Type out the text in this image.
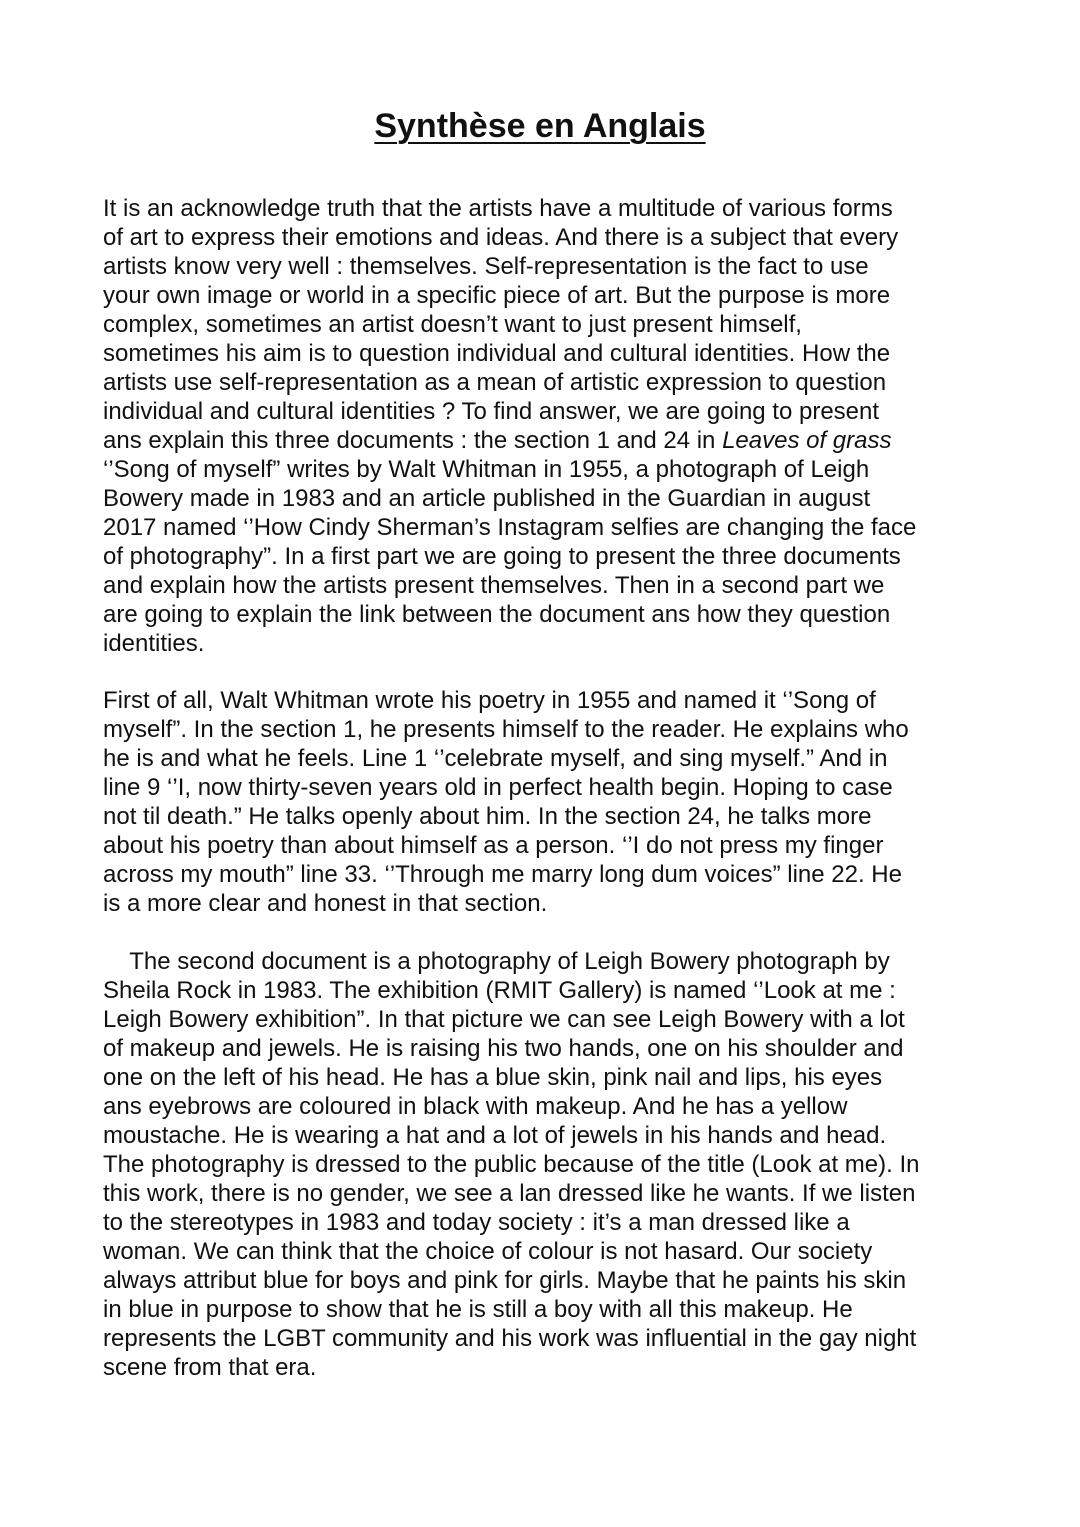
Synthèse en Anglais
It is an acknowledge truth that the artists have a multitude of various forms
of art to express their emotions and ideas. And there is a subject that every
artists know very well : themselves. Self-representation is the fact to use
your own image or world in a specific piece of art. But the purpose is more
complex, sometimes an artist doesn’t want to just present himself,
sometimes his aim is to question individual and cultural identities. How the
artists use self-representation as a mean of artistic expression to question
individual and cultural identities ? To find answer, we are going to present
ans explain this three documents : the section 1 and 24 in Leaves of grass
‘’Song of myself” writes by Walt Whitman in 1955, a photograph of Leigh
Bowery made in 1983 and an article published in the Guardian in august
2017 named ‘’How Cindy Sherman’s Instagram selfies are changing the face
of photography”. In a first part we are going to present the three documents
and explain how the artists present themselves. Then in a second part we
are going to explain the link between the document ans how they question
identities.
First of all, Walt Whitman wrote his poetry in 1955 and named it ‘’Song of
myself”. In the section 1, he presents himself to the reader. He explains who
he is and what he feels. Line 1 ‘’celebrate myself, and sing myself.” And in
line 9 ‘’I, now thirty-seven years old in perfect health begin. Hoping to case
not til death.” He talks openly about him. In the section 24, he talks more
about his poetry than about himself as a person. ‘’I do not press my finger
across my mouth” line 33. ‘’Through me marry long dum voices” line 22. He
is a more clear and honest in that section.
The second document is a photography of Leigh Bowery photograph by
Sheila Rock in 1983. The exhibition (RMIT Gallery) is named ‘’Look at me :
Leigh Bowery exhibition”. In that picture we can see Leigh Bowery with a lot
of makeup and jewels. He is raising his two hands, one on his shoulder and
one on the left of his head. He has a blue skin, pink nail and lips, his eyes
ans eyebrows are coloured in black with makeup. And he has a yellow
moustache. He is wearing a hat and a lot of jewels in his hands and head.
The photography is dressed to the public because of the title (Look at me). In
this work, there is no gender, we see a lan dressed like he wants. If we listen
to the stereotypes in 1983 and today society : it’s a man dressed like a
woman. We can think that the choice of colour is not hasard. Our society
always attribut blue for boys and pink for girls. Maybe that he paints his skin
in blue in purpose to show that he is still a boy with all this makeup. He
represents the LGBT community and his work was influential in the gay night
scene from that era.
